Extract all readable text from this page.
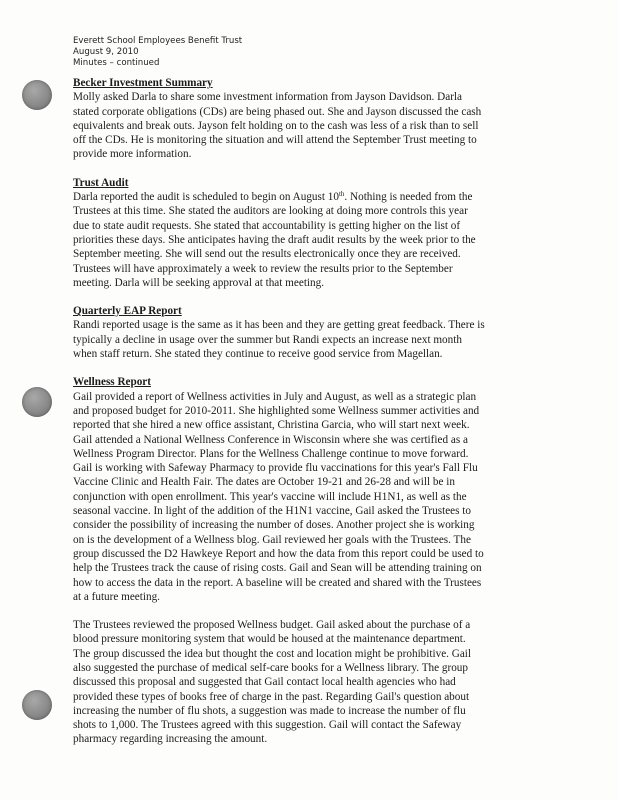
Everett School Employees Benefit Trust
August 9, 2010
Minutes – continued
Becker Investment Summary
Molly asked Darla to share some investment information from Jayson Davidson. Darla
stated corporate obligations (CDs) are being phased out. She and Jayson discussed the cash
equivalents and break outs. Jayson felt holding on to the cash was less of a risk than to sell
off the CDs. He is monitoring the situation and will attend the September Trust meeting to
provide more information.
Trust Audit
Darla reported the audit is scheduled to begin on August 10th. Nothing is needed from the
Trustees at this time. She stated the auditors are looking at doing more controls this year
due to state audit requests. She stated that accountability is getting higher on the list of
priorities these days. She anticipates having the draft audit results by the week prior to the
September meeting. She will send out the results electronically once they are received.
Trustees will have approximately a week to review the results prior to the September
meeting. Darla will be seeking approval at that meeting.
Quarterly EAP Report
Randi reported usage is the same as it has been and they are getting great feedback. There is
typically a decline in usage over the summer but Randi expects an increase next month
when staff return. She stated they continue to receive good service from Magellan.
Wellness Report
Gail provided a report of Wellness activities in July and August, as well as a strategic plan
and proposed budget for 2010-2011. She highlighted some Wellness summer activities and
reported that she hired a new office assistant, Christina Garcia, who will start next week.
Gail attended a National Wellness Conference in Wisconsin where she was certified as a
Wellness Program Director. Plans for the Wellness Challenge continue to move forward.
Gail is working with Safeway Pharmacy to provide flu vaccinations for this year's Fall Flu
Vaccine Clinic and Health Fair. The dates are October 19-21 and 26-28 and will be in
conjunction with open enrollment. This year's vaccine will include H1N1, as well as the
seasonal vaccine. In light of the addition of the H1N1 vaccine, Gail asked the Trustees to
consider the possibility of increasing the number of doses. Another project she is working
on is the development of a Wellness blog. Gail reviewed her goals with the Trustees. The
group discussed the D2 Hawkeye Report and how the data from this report could be used to
help the Trustees track the cause of rising costs. Gail and Sean will be attending training on
how to access the data in the report. A baseline will be created and shared with the Trustees
at a future meeting.
The Trustees reviewed the proposed Wellness budget. Gail asked about the purchase of a
blood pressure monitoring system that would be housed at the maintenance department.
The group discussed the idea but thought the cost and location might be prohibitive. Gail
also suggested the purchase of medical self-care books for a Wellness library. The group
discussed this proposal and suggested that Gail contact local health agencies who had
provided these types of books free of charge in the past. Regarding Gail's question about
increasing the number of flu shots, a suggestion was made to increase the number of flu
shots to 1,000. The Trustees agreed with this suggestion. Gail will contact the Safeway
pharmacy regarding increasing the amount.
